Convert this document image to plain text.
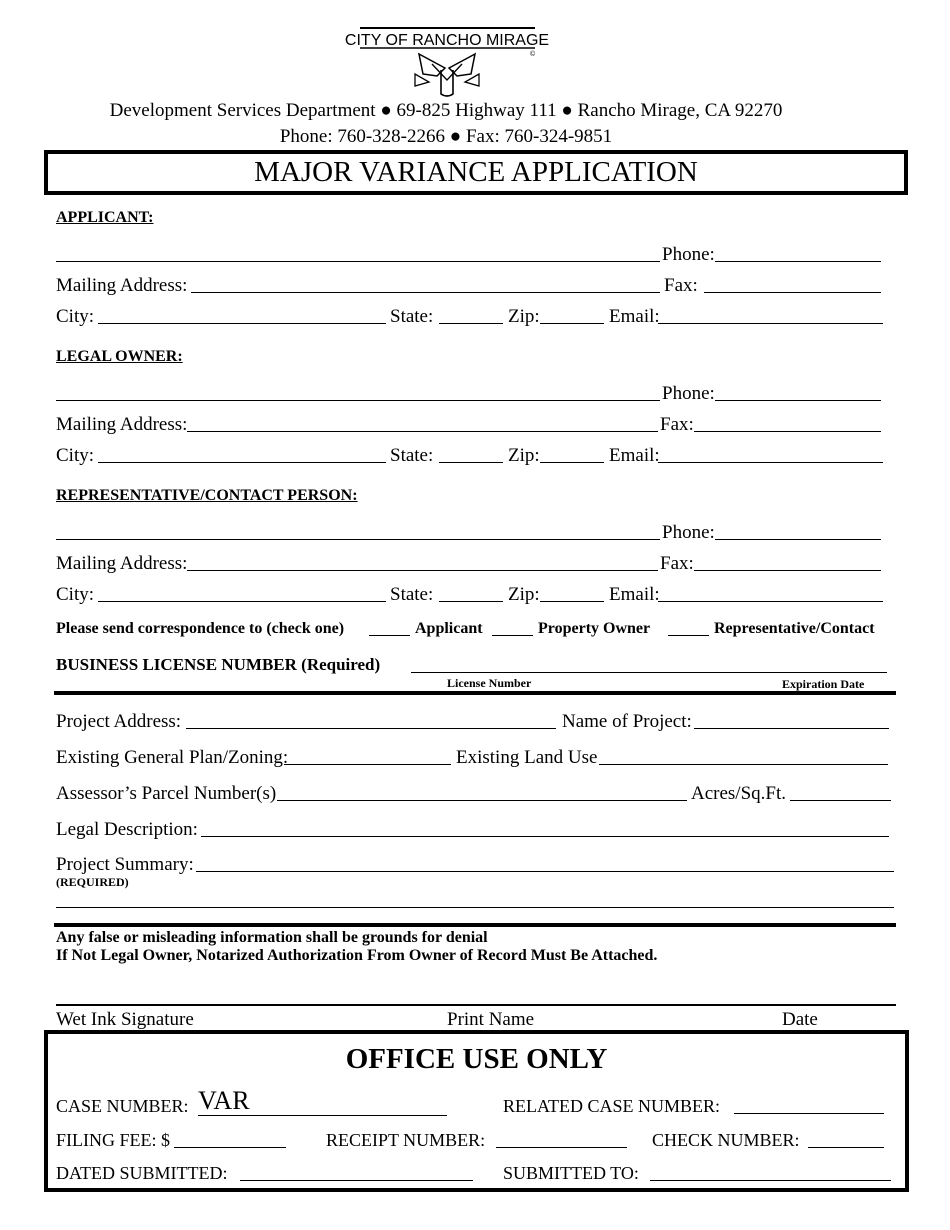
CITY OF RANCHO MIRAGE
©
Development Services Department ● 69-825 Highway 111 ● Rancho Mirage, CA 92270
Phone: 760-328-2266 ● Fax: 760-324-9851
MAJOR VARIANCE APPLICATION
APPLICANT:
Phone:
Mailing Address:	Fax:
City:	State:	Zip:	Email:
LEGAL OWNER:
Phone:
Mailing Address:	Fax:
City:	State:	Zip:	Email:
REPRESENTATIVE/CONTACT PERSON:
Phone:
Mailing Address:	Fax:
City:	State:	Zip:	Email:
Please send correspondence to (check one)	Applicant	Property Owner	Representative/Contact
BUSINESS LICENSE NUMBER (Required)
License Number	Expiration Date
Project Address:	Name of Project:
Existing General Plan/Zoning:	Existing Land Use
Assessor’s Parcel Number(s)	Acres/Sq.Ft.
Legal Description:
Project Summary:
(REQUIRED)
Any false or misleading information shall be grounds for denial
If Not Legal Owner, Notarized Authorization From Owner of Record Must Be Attached.
Wet Ink Signature	Print Name	Date
OFFICE USE ONLY
CASE NUMBER: VAR	RELATED CASE NUMBER:
FILING FEE: $	RECEIPT NUMBER:	CHECK NUMBER:
DATED SUBMITTED:	SUBMITTED TO:
